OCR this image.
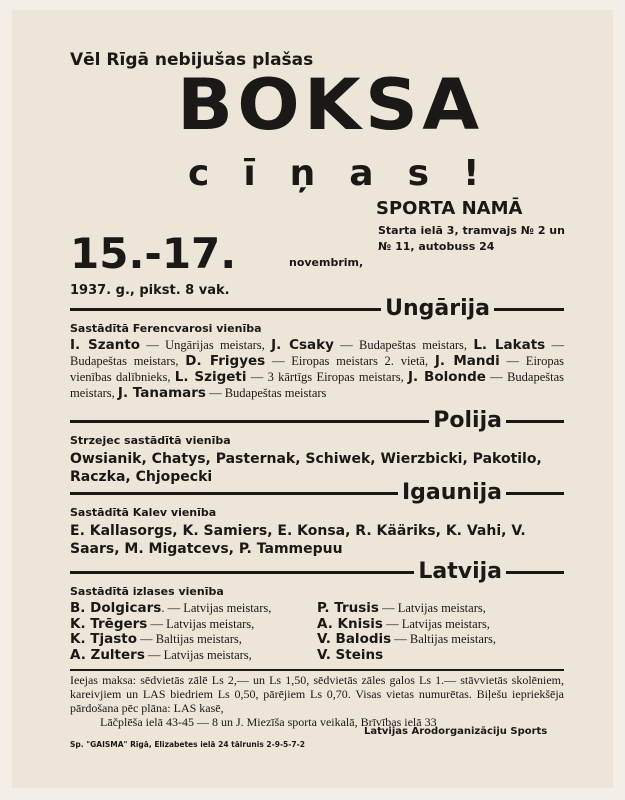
Vēl Rīgā nebijušas plašas
BOKSA
cīņas!
SPORTA NAMĀ
Starta ielā 3, tramvajs № 2 un № 11, autobuss 24
15.-17.	novembrim,
1937. g., pikst. 8 vak.
Ungārija
Sastādītā Ferencvarosi vienība
I. Szanto — Ungārijas meistars, J. Csaky — Budapeštas meistars, L. Lakats — Budapeštas meistars, D. Frigyes — Eiropas meistars 2. vietā, J. Mandi — Eiropas vienības dalībnieks, L. Szigeti — 3 kārtīgs Eiropas meistars, J. Bolonde — Budapeštas meistars, J. Tanamars — Budapeštas meistars
Polija
Strzejec sastādītā vienība
Owsianik, Chatys, Pasternak, Schiwek, Wierzbicki, Pakotilo, Raczka, Chjopecki
Igaunija
Sastādītā Kalev vienība
E. Kallasorgs, K. Samiers, E. Konsa, R. Kääriks, K. Vahi, V. Saars, M. Migatcevs, P. Tammepuu
Latvija
Sastādītā izlases vienība
B. Dolgicars. — Latvijas meistars,	P. Trusis — Latvijas meistars,
K. Trēgers — Latvijas meistars,	A. Knisis — Latvijas meistars,
K. Tjasto — Baltijas meistars,	V. Balodis — Baltijas meistars,
A. Zulters — Latvijas meistars,	V. Šteins

Ieejas maksa: sēdvietās zālē Ls 2,— un Ls 1,50, sēdvietās zāles galos Ls 1.— stāvvietās skolēniem, kareivjiem un LAS biedriem Ls 0,50, pārējiem Ls 0,70. Visas vietas numurētas. Biļešu iepriekšēja pārdošana pēc plāna: LAS kasē,

Lāčplēša ielā 43-45 — 8 un J. Miezīša sporta veikalā, Brīvības ielā 33

Latvijas Arodorganizāciju Sports
Sp. "GAISMA" Rīgā, Elizabetes ielā 24 tālrunis 2-9-5-7-2
